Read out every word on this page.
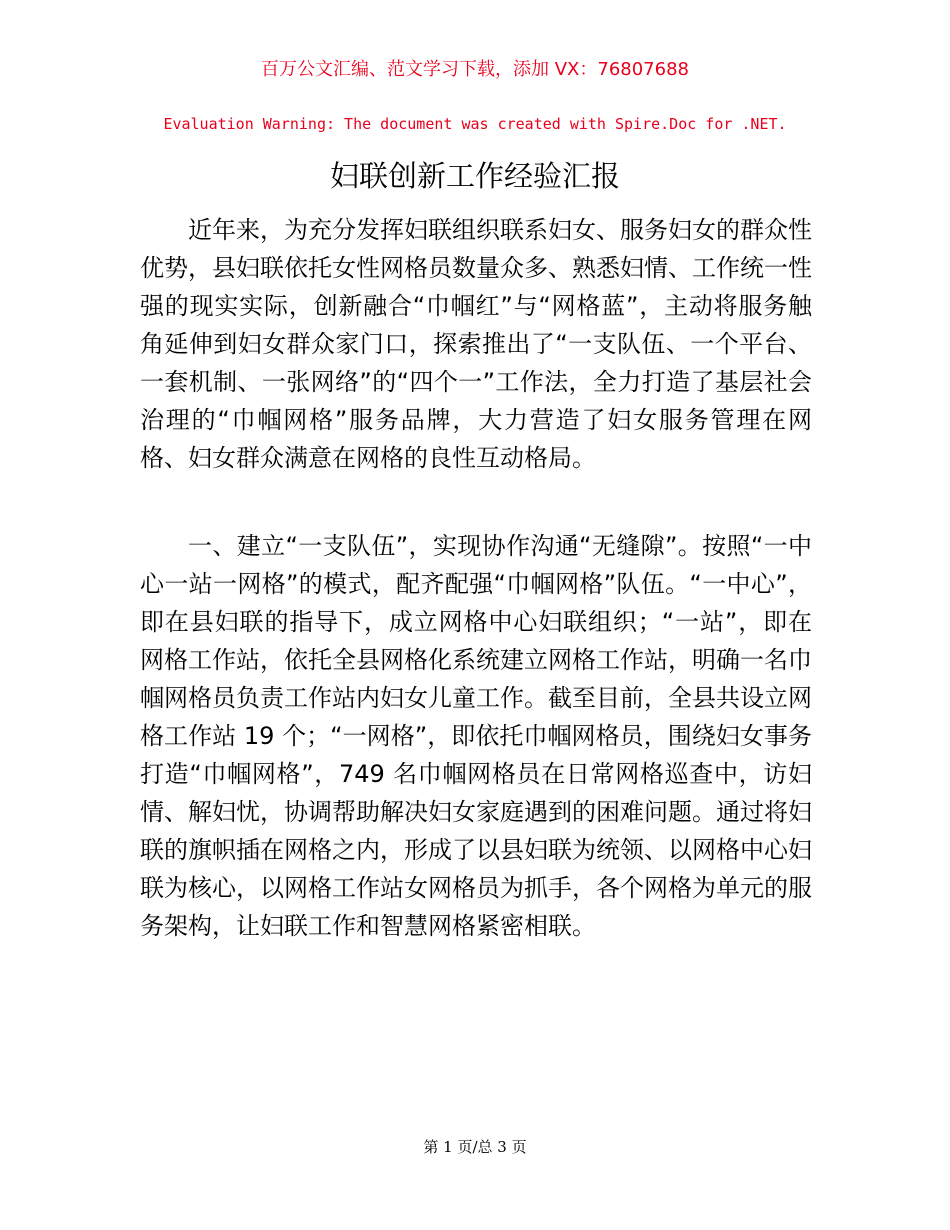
百万公文汇编、范文学习下载，添加 VX：76807688
Evaluation Warning: The document was created with Spire.Doc for .NET.
妇联创新工作经验汇报

近年来，为充分发挥妇联组织联系妇女、服务妇女的群众性优势，县妇联依托女性网格员数量众多、熟悉妇情、工作统一性强的现实实际，创新融合“巾帼红”与“网格蓝”，主动将服务触角延伸到妇女群众家门口，探索推出了“一支队伍、一个平台、一套机制、一张网络”的“四个一”工作法，全力打造了基层社会治理的“巾帼网格”服务品牌，大力营造了妇女服务管理在网格、妇女群众满意在网格的良性互动格局。

一、建立“一支队伍”，实现协作沟通“无缝隙”。按照“一中心一站一网格”的模式，配齐配强“巾帼网格”队伍。“一中心”，即在县妇联的指导下，成立网格中心妇联组织；“一站”，即在网格工作站，依托全县网格化系统建立网格工作站，明确一名巾帼网格员负责工作站内妇女儿童工作。截至目前，全县共设立网格工作站 19 个；“一网格”，即依托巾帼网格员，围绕妇女事务打造“巾帼网格”，749 名巾帼网格员在日常网格巡查中，访妇情、解妇忧，协调帮助解决妇女家庭遇到的困难问题。通过将妇联的旗帜插在网格之内，形成了以县妇联为统领、以网格中心妇联为核心，以网格工作站女网格员为抓手，各个网格为单元的服务架构，让妇联工作和智慧网格紧密相联。

第 1 页/总 3 页
